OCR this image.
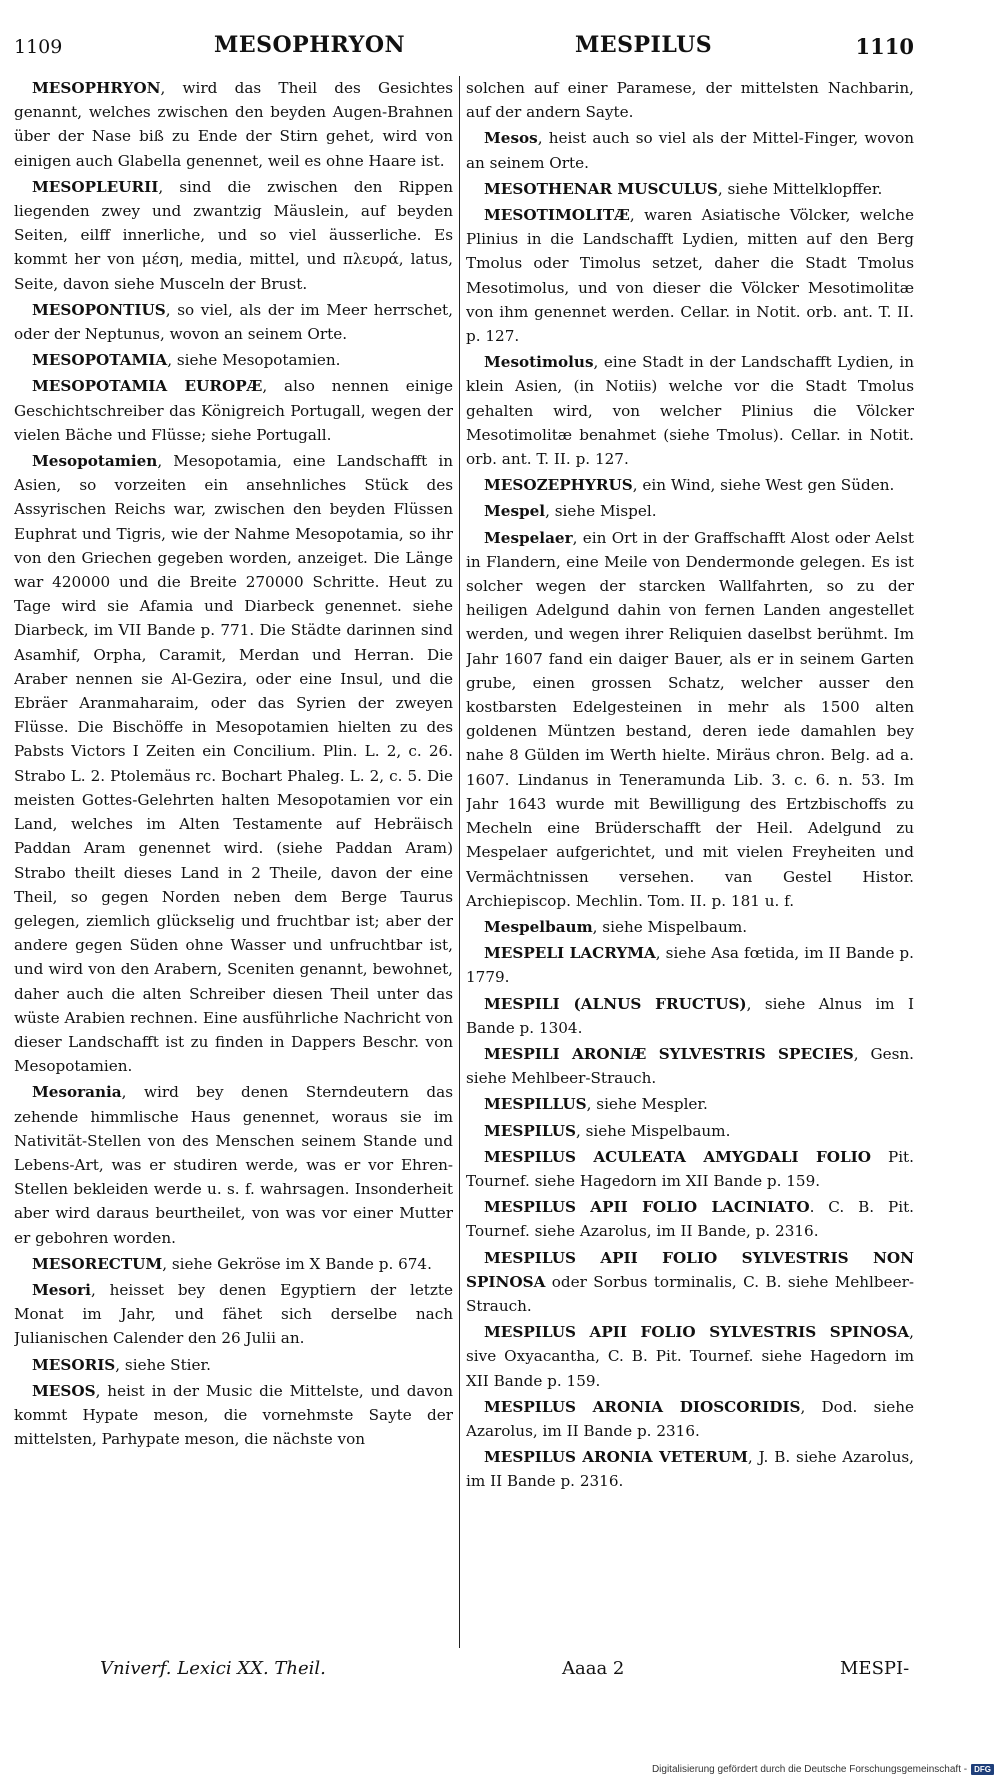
1109	MESOPHRYON	MESPILUS	1110

MESOPHRYON, wird das Theil des Gesichtes genannt, welches zwischen den beyden Augen-Brahnen über der Nase biß zu Ende der Stirn gehet, wird von einigen auch Glabella genennet, weil es ohne Haare ist.

MESOPLEURII, sind die zwischen den Rippen liegenden zwey und zwantzig Mäuslein, auf beyden Seiten, eilff innerliche, und so viel äusserliche. Es kommt her von μέση, media, mittel, und πλευρά, latus, Seite, davon siehe Musceln der Brust.

MESOPONTIUS, so viel, als der im Meer herrschet, oder der Neptunus, wovon an seinem Orte.

MESOPOTAMIA, siehe Mesopotamien.

MESOPOTAMIA EUROPÆ, also nennen einige Geschichtschreiber das Königreich Portugall, wegen der vielen Bäche und Flüsse; siehe Portugall.

Mesopotamien, Mesopotamia, eine Landschafft in Asien, so vorzeiten ein ansehnliches Stück des Assyrischen Reichs war, zwischen den beyden Flüssen Euphrat und Tigris, wie der Nahme Mesopotamia, so ihr von den Griechen gegeben worden, anzeiget. Die Länge war 420000 und die Breite 270000 Schritte. Heut zu Tage wird sie Afamia und Diarbeck genennet. siehe Diarbeck, im VII Bande p. 771. Die Städte darinnen sind Asamhif, Orpha, Caramit, Merdan und Herran. Die Araber nennen sie Al-Gezira, oder eine Insul, und die Ebräer Aranmaharaim, oder das Syrien der zweyen Flüsse. Die Bischöffe in Mesopotamien hielten zu des Pabsts Victors I Zeiten ein Concilium. Plin. L. 2, c. 26. Strabo L. 2. Ptolemäus rc. Bochart Phaleg. L. 2, c. 5. Die meisten Gottes-Gelehrten halten Mesopotamien vor ein Land, welches im Alten Testamente auf Hebräisch Paddan Aram genennet wird. (siehe Paddan Aram) Strabo theilt dieses Land in 2 Theile, davon der eine Theil, so gegen Norden neben dem Berge Taurus gelegen, ziemlich glückselig und fruchtbar ist; aber der andere gegen Süden ohne Wasser und unfruchtbar ist, und wird von den Arabern, Sceniten genannt, bewohnet, daher auch die alten Schreiber diesen Theil unter das wüste Arabien rechnen. Eine ausführliche Nachricht von dieser Landschafft ist zu finden in Dappers Beschr. von Mesopotamien.

Mesorania, wird bey denen Sterndeutern das zehende himmlische Haus genennet, woraus sie im Nativität-Stellen von des Menschen seinem Stande und Lebens-Art, was er studiren werde, was er vor Ehren-Stellen bekleiden werde u. s. f. wahrsagen. Insonderheit aber wird daraus beurtheilet, von was vor einer Mutter er gebohren worden.

MESORECTUM, siehe Gekröse im X Bande p. 674.

Mesori, heisset bey denen Egyptiern der letzte Monat im Jahr, und fähet sich derselbe nach Julianischen Calender den 26 Julii an.

MESORIS, siehe Stier.

MESOS, heist in der Music die Mittelste, und davon kommt Hypate meson, die vornehmste Sayte der mittelsten, Parhypate meson, die nächste von

solchen auf einer Paramese, der mittelsten Nachbarin, auf der andern Sayte.

Mesos, heist auch so viel als der Mittel-Finger, wovon an seinem Orte.

MESOTHENAR MUSCULUS, siehe Mittelklopffer.

MESOTIMOLITÆ, waren Asiatische Völcker, welche Plinius in die Landschafft Lydien, mitten auf den Berg Tmolus oder Timolus setzet, daher die Stadt Tmolus Mesotimolus, und von dieser die Völcker Mesotimolitæ von ihm genennet werden. Cellar. in Notit. orb. ant. T. II. p. 127.

Mesotimolus, eine Stadt in der Landschafft Lydien, in klein Asien, (in Notiis) welche vor die Stadt Tmolus gehalten wird, von welcher Plinius die Völcker Mesotimolitæ benahmet (siehe Tmolus). Cellar. in Notit. orb. ant. T. II. p. 127.

MESOZEPHYRUS, ein Wind, siehe West gen Süden.

Mespel, siehe Mispel.

Mespelaer, ein Ort in der Graffschafft Alost oder Aelst in Flandern, eine Meile von Dendermonde gelegen. Es ist solcher wegen der starcken Wallfahrten, so zu der heiligen Adelgund dahin von fernen Landen angestellet werden, und wegen ihrer Reliquien daselbst berühmt. Im Jahr 1607 fand ein daiger Bauer, als er in seinem Garten grube, einen grossen Schatz, welcher ausser den kostbarsten Edelgesteinen in mehr als 1500 alten goldenen Müntzen bestand, deren iede damahlen bey nahe 8 Gülden im Werth hielte. Miräus chron. Belg. ad a. 1607. Lindanus in Teneramunda Lib. 3. c. 6. n. 53. Im Jahr 1643 wurde mit Bewilligung des Ertzbischoffs zu Mecheln eine Brüderschafft der Heil. Adelgund zu Mespelaer aufgerichtet, und mit vielen Freyheiten und Vermächtnissen versehen. van Gestel Histor. Archiepiscop. Mechlin. Tom. II. p. 181 u. f.

Mespelbaum, siehe Mispelbaum.

MESPELI LACRYMA, siehe Asa fœtida, im II Bande p. 1779.

MESPILI (ALNUS FRUCTUS), siehe Alnus im I Bande p. 1304.

MESPILI ARONIÆ SYLVESTRIS SPECIES, Gesn. siehe Mehlbeer-Strauch.

MESPILLUS, siehe Mespler.

MESPILUS, siehe Mispelbaum.

MESPILUS ACULEATA AMYGDALI FOLIO Pit. Tournef. siehe Hagedorn im XII Bande p. 159.

MESPILUS APII FOLIO LACINIATO. C. B. Pit. Tournef. siehe Azarolus, im II Bande, p. 2316.

MESPILUS APII FOLIO SYLVESTRIS NON SPINOSA oder Sorbus torminalis, C. B. siehe Mehlbeer-Strauch.

MESPILUS APII FOLIO SYLVESTRIS SPINOSA, sive Oxyacantha, C. B. Pit. Tournef. siehe Hagedorn im XII Bande p. 159.

MESPILUS ARONIA DIOSCORIDIS, Dod. siehe Azarolus, im II Bande p. 2316.

MESPILUS ARONIA VETERUM, J. B. siehe Azarolus, im II Bande p. 2316.

Vniverf. Lexici XX. Theil.	Aaaa 2	MESPI-
Digitalisierung gefördert durch die Deutsche Forschungsgemeinschaft - DFG
